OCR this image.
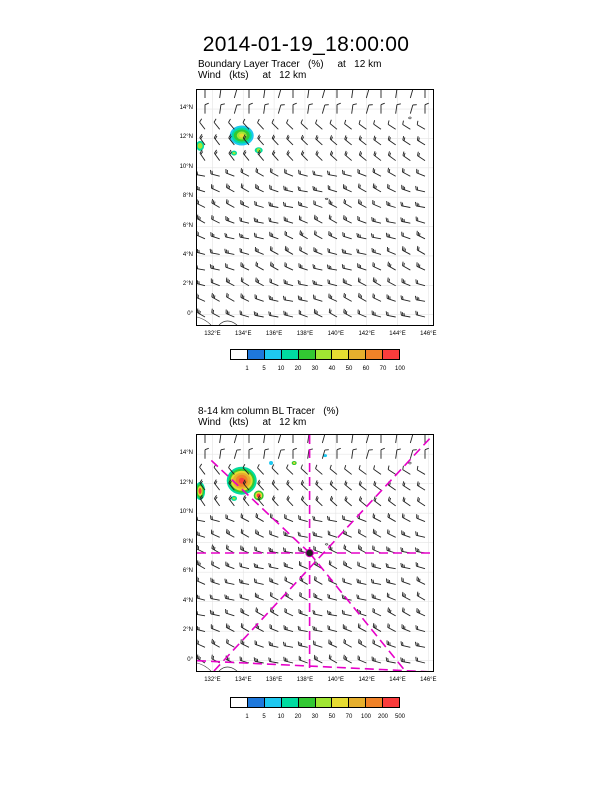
2014-01-19_18:00:00
Boundary Layer Tracer   (%)     at   12 km
Wind   (kts)     at   12 km
14°N
12°N
10°N
8°N
6°N
4°N
2°N
0°
132°E	134°E	136°E	138°E	140°E	142°E	144°E	146°E
1	5	10	20	30	40	50	60	70	100
8-14 km column BL Tracer   (%)
Wind   (kts)     at   12 km
14°N
12°N
10°N
8°N
6°N
4°N
2°N
0°
132°E	134°E	136°E	138°E	140°E	142°E	144°E	146°E
1	5	10	20	30	50	70	100	200	500
